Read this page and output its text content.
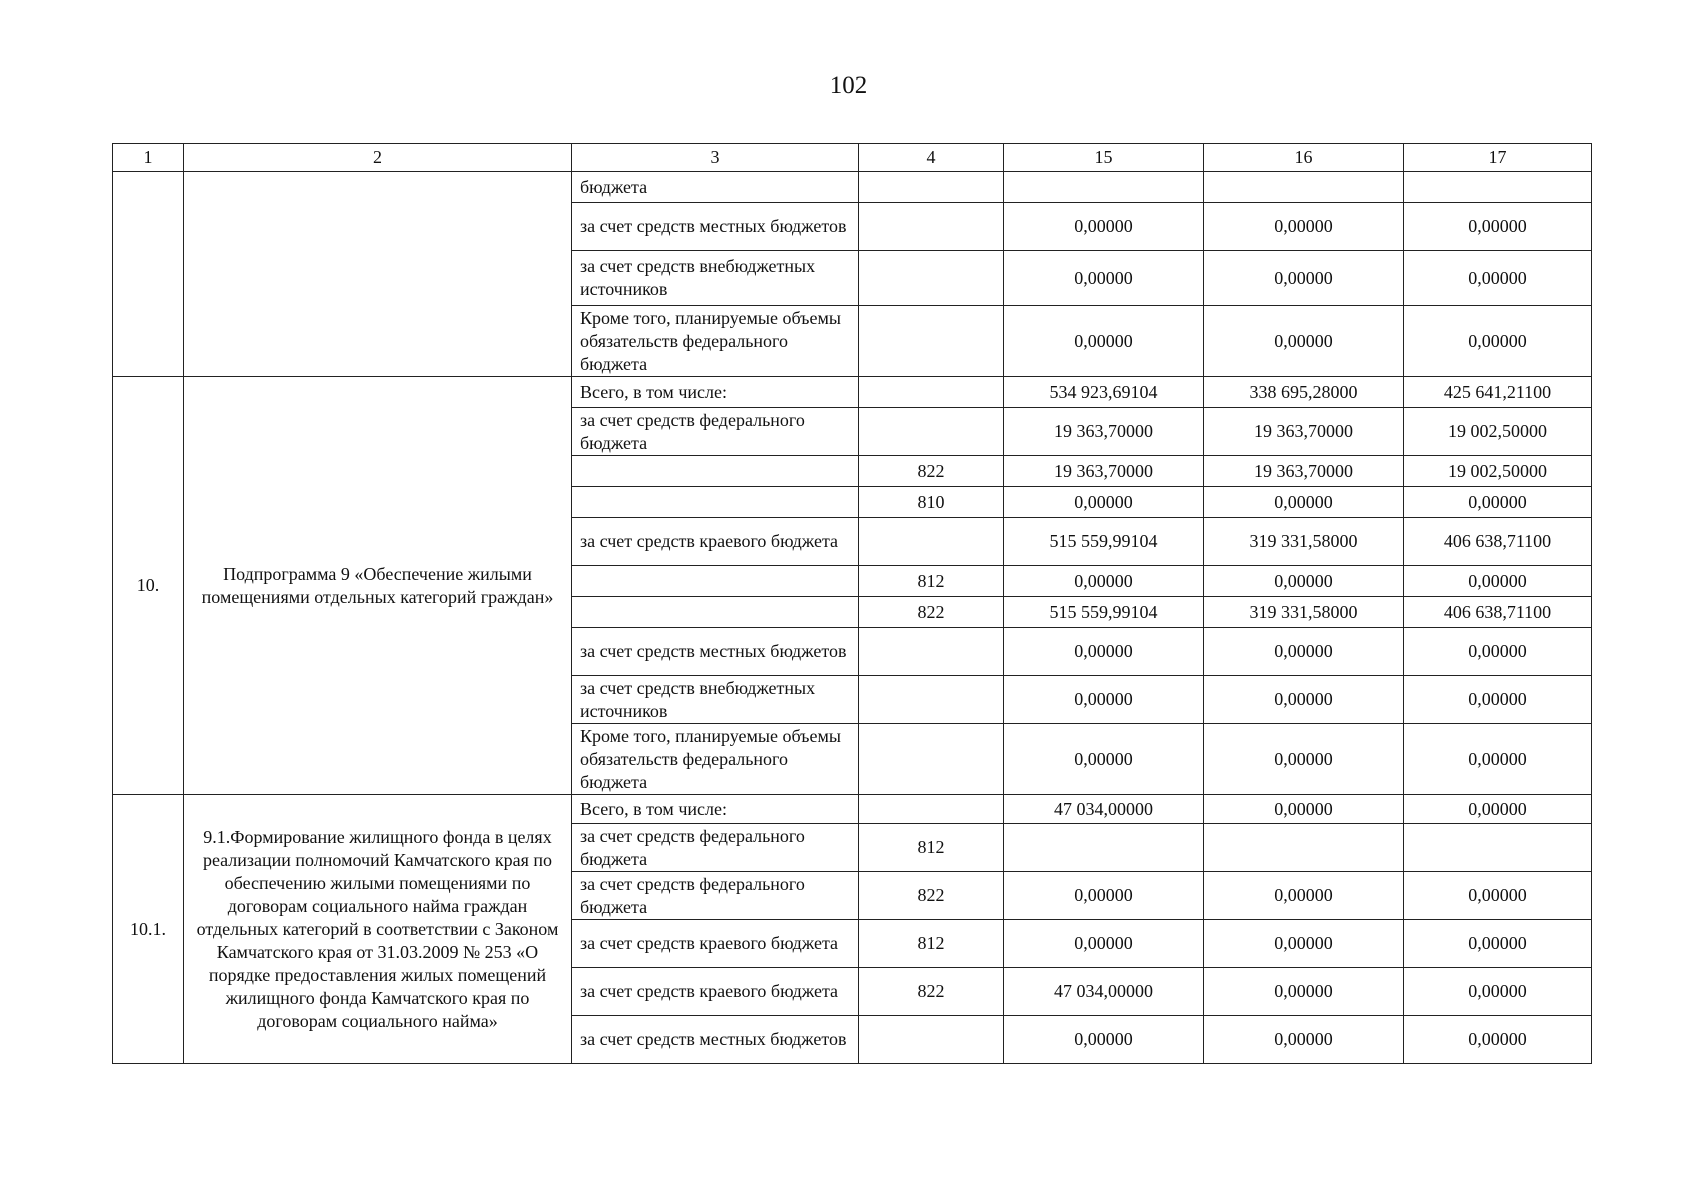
102
1	2	3	4	15	16	17
		бюджета				
		за счет средств местных бюджетов		0,00000	0,00000	0,00000
		за счет средств внебюджетных источников		0,00000	0,00000	0,00000
		Кроме того, планируемые объемы обязательств федерального бюджета		0,00000	0,00000	0,00000
10.	Подпрограмма 9 «Обеспечение жилыми помещениями отдельных категорий граждан»	Всего, в том числе:		534 923,69104	338 695,28000	425 641,21100
		за счет средств федерального бюджета		19 363,70000	19 363,70000	19 002,50000
			822	19 363,70000	19 363,70000	19 002,50000
			810	0,00000	0,00000	0,00000
		за счет средств краевого бюджета		515 559,99104	319 331,58000	406 638,71100
			812	0,00000	0,00000	0,00000
			822	515 559,99104	319 331,58000	406 638,71100
		за счет средств местных бюджетов		0,00000	0,00000	0,00000
		за счет средств внебюджетных источников		0,00000	0,00000	0,00000
		Кроме того, планируемые объемы обязательств федерального бюджета		0,00000	0,00000	0,00000
10.1.	9.1.Формирование жилищного фонда в целях реализации полномочий Камчатского края по обеспечению жилыми помещениями по договорам социального найма граждан отдельных категорий в соответствии с Законом Камчатского края от 31.03.2009 № 253 «О порядке предоставления жилых помещений жилищного фонда Камчатского края по договорам социального найма»	Всего, в том числе:		47 034,00000	0,00000	0,00000
		за счет средств федерального бюджета	812			
		за счет средств федерального бюджета	822	0,00000	0,00000	0,00000
		за счет средств краевого бюджета	812	0,00000	0,00000	0,00000
		за счет средств краевого бюджета	822	47 034,00000	0,00000	0,00000
		за счет средств местных бюджетов		0,00000	0,00000	0,00000
